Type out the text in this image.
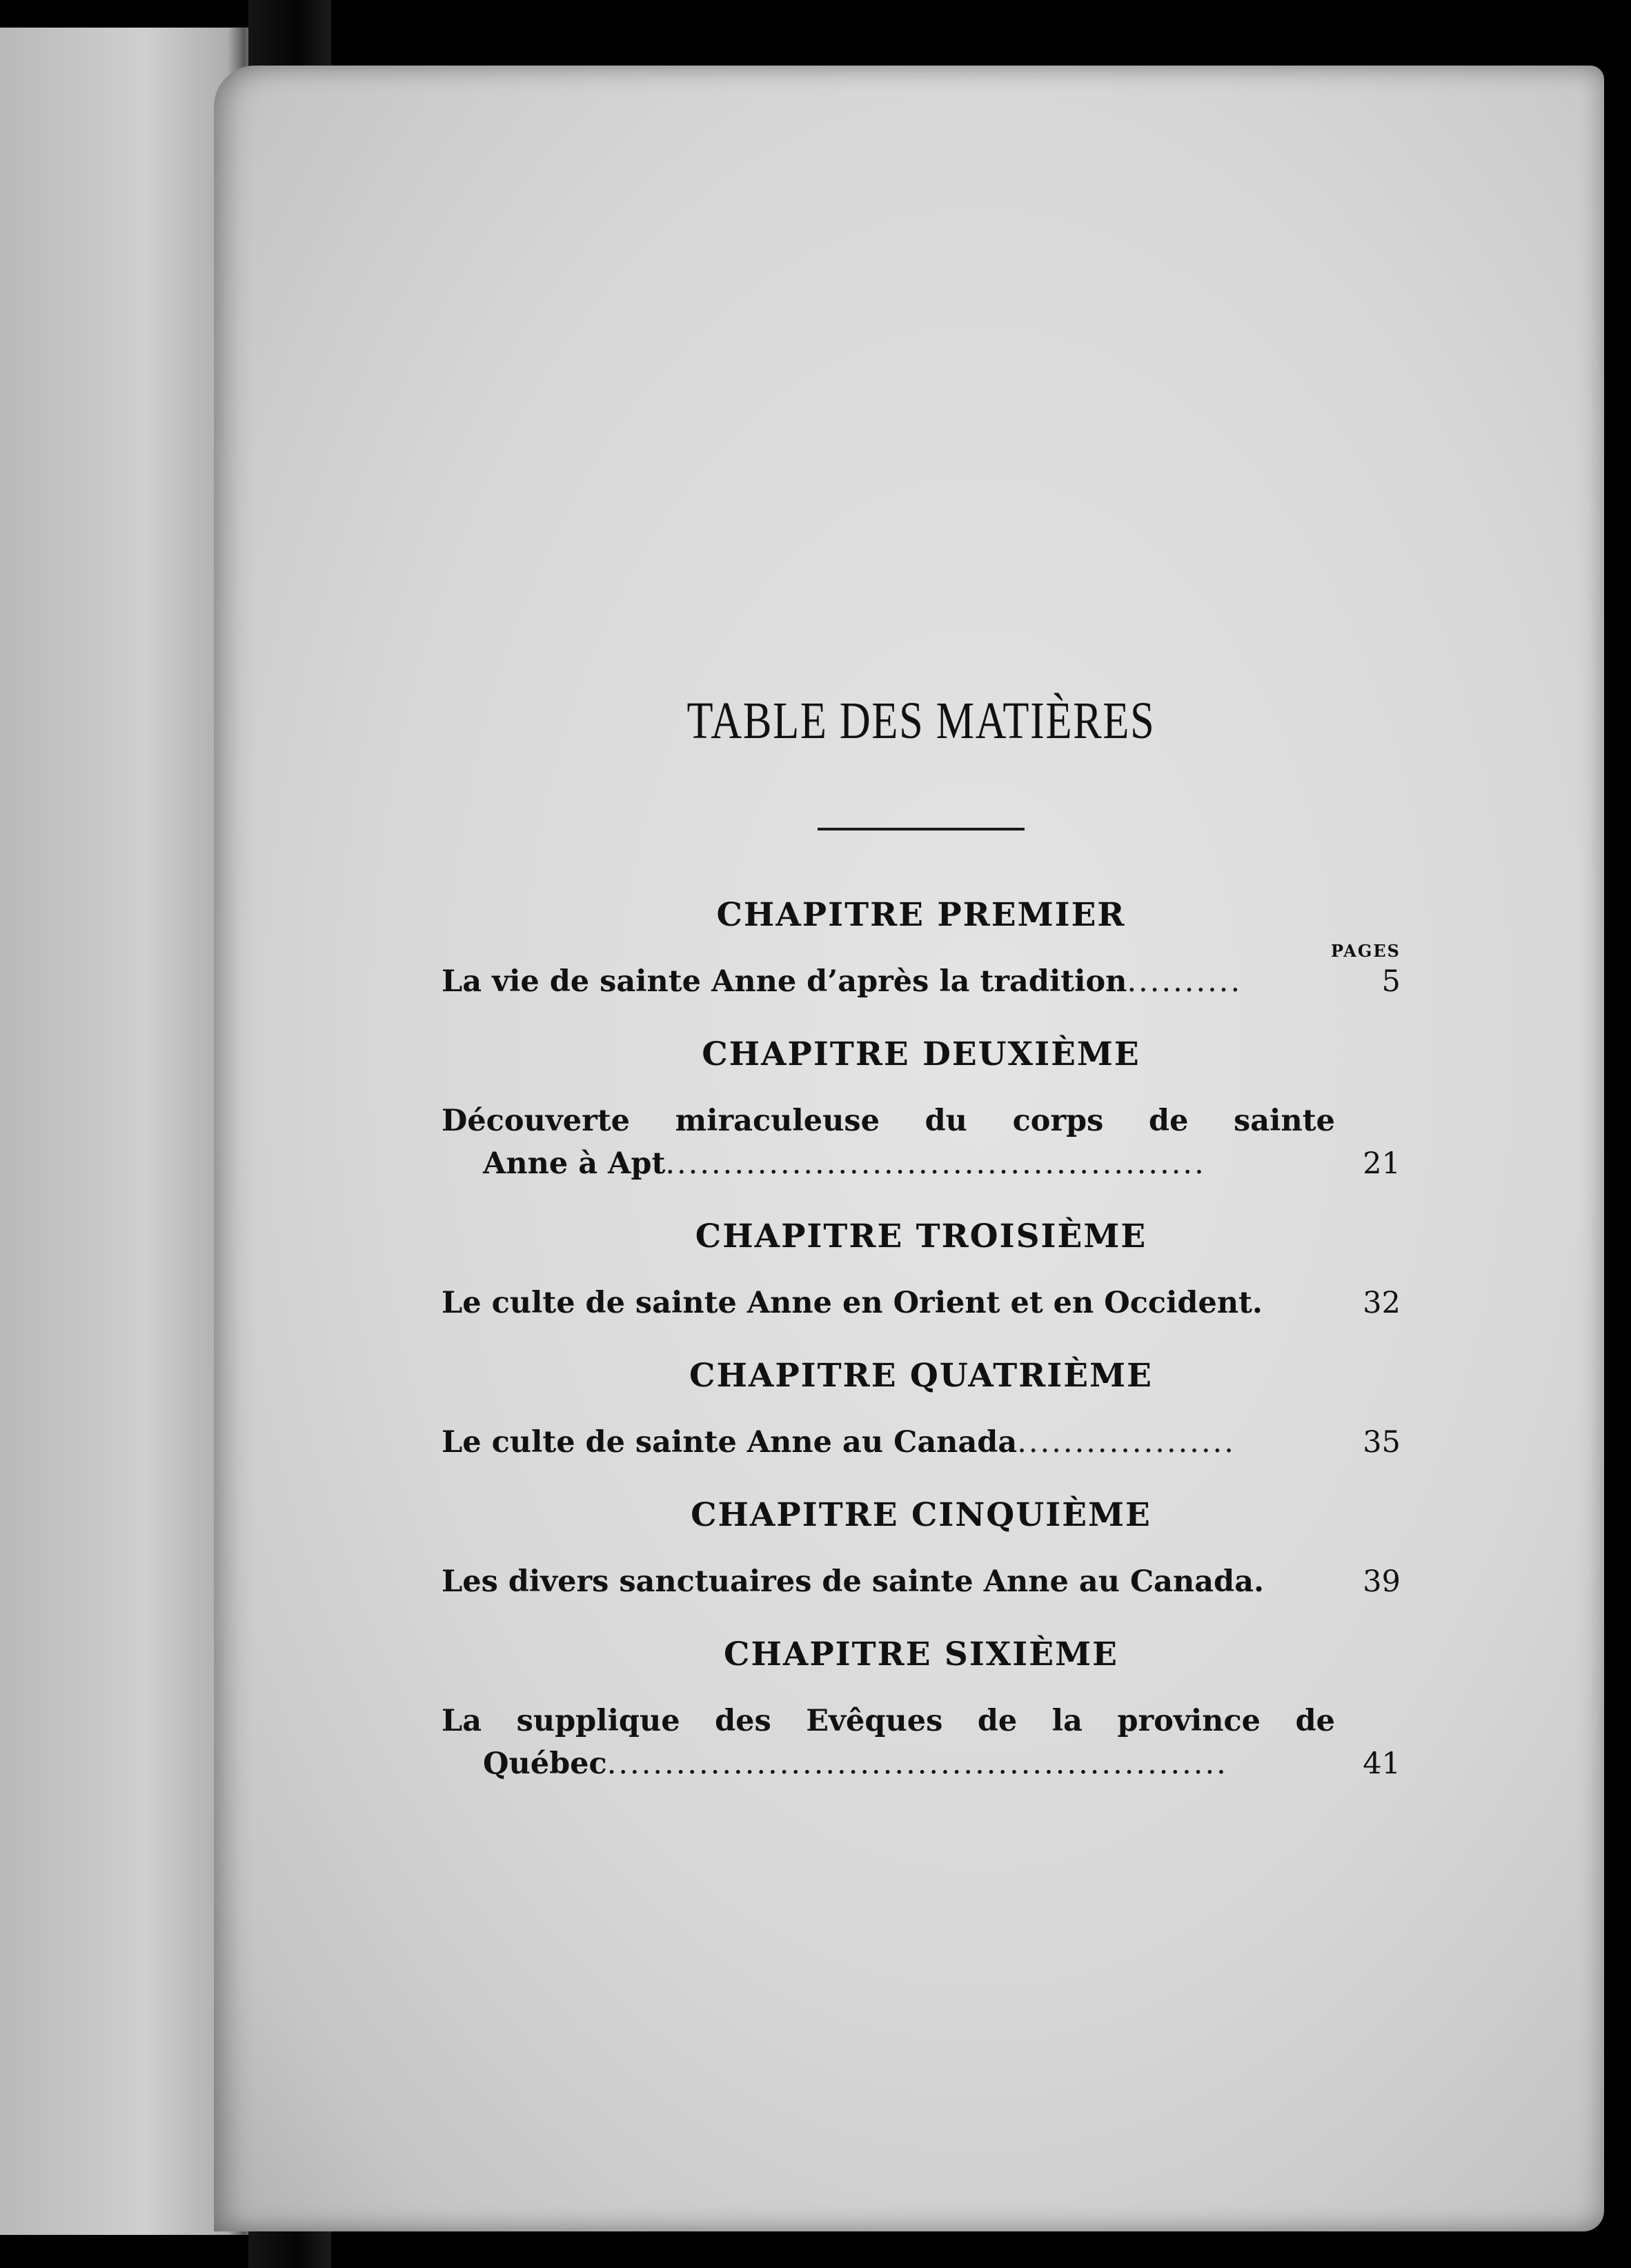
TABLE DES MATIÈRES
CHAPITRE PREMIER
PAGES
La vie de sainte Anne d’après la tradition..........	5
CHAPITRE DEUXIÈME
Découverte miraculeuse du corps de sainte
Anne à Apt...............................................	21
CHAPITRE TROISIÈME
Le culte de sainte Anne en Orient et en Occident.	32
CHAPITRE QUATRIÈME
Le culte de sainte Anne au Canada...................	35
CHAPITRE CINQUIÈME
Les divers sanctuaires de sainte Anne au Canada.	39
CHAPITRE SIXIÈME
La supplique des Evêques de la province de
Québec......................................................	41
